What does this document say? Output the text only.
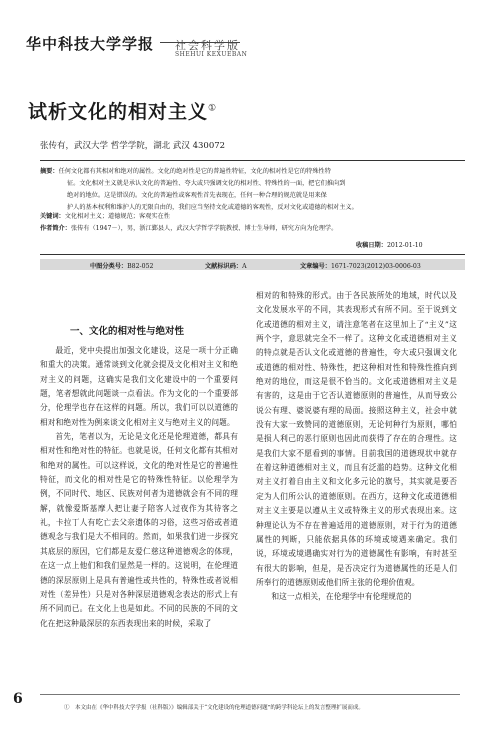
华中科技大学学报 社会科学版
SHEHUI KEXUEBAN
试析文化的相对主义①
张传有，武汉大学 哲学学院，湖北 武汉 430072
摘要：任何文化都有其相对和绝对的属性。文化的绝对性是它的普遍性特征，文化的相对性是它的特殊性特
征。文化相对主义就是承认文化的普遍性、夸大或只强调文化的相对性、特殊性的一面，把它们推向到
绝对的地位。这是错误的。文化的普遍性或客观性首先表现在，任何一种合理的规范就是用来保
护人的基本权利和维护人的无限自由的，我们应当坚持文化或道德的客观性，反对文化或道德的相对主义。
关键词：文化相对主义；道德规范；客观实在性
作者简介：张传有（1947－），男，浙江鄞县人，武汉大学哲学学院教授、博士生导师，研究方向为伦理学。
收稿日期：2012-01-10
中图分类号：B82-052	文献标识码：A	文章编号：1671-7023(2012)03-0006-03
一、文化的相对性与绝对性

最近，党中央提出加强文化建设，这是一项十分正确和重大的决策。通常谈到文化就会提及文化相对主义和绝对主义的问题，这确实是我们文化建设中的一个重要问题，笔者想就此问题谈一点看法。作为文化的一个重要部分，伦理学也存在这样的问题。所以，我们可以以道德的相对和绝对性为例来谈文化相对主义与绝对主义的问题。

首先，笔者以为，无论是文化还是伦理道德，都具有相对性和绝对性的特征。也就是说，任何文化都有其相对和绝对的属性。可以这样说，文化的绝对性是它的普遍性特征，而文化的相对性是它的特殊性特征。以伦理学为例，不同时代、地区、民族对何者为道德就会有不同的理解，就像爱斯基摩人把让妻子陪客人过夜作为其待客之礼，卡拉丁人有吃亡去父亲遗体的习俗，这些习俗或者道德观念与我们是大不相同的。然而，如果我们进一步探究其底层的原因，它们都是友爱仁慈这种道德观念的体现，在这一点上他们和我们显然是一样的。这说明，在伦理道德的深层原则上是具有普遍性或共性的，特殊性或者说相对性（差异性）只是对各种深层道德观念表达的形式上有所不同而已。在文化上也是如此。不同的民族的不同的文化在把这种最深层的东西表现出来的时候，采取了

相对的和特殊的形式。由于各民族所处的地域，时代以及文化发展水平的不同，其表现形式有所不同。至于说到文化或道德的相对主义，请注意笔者在这里加上了“主义”这两个字，意思就完全不一样了。这种文化或道德相对主义的特点就是否认文化或道德的普遍性，夸大或只强调文化或道德的相对性、特殊性，把这种相对性和特殊性推向到绝对的地位，而这是很不恰当的。文化或道德相对主义是有害的，这是由于它否认道德原则的普遍性，从而导致公说公有理、婆说婆有理的局面。接照这种主义，社会中就没有大家一致赞同的道德原则，无论何种行为原则，哪怕是损人利己的恶行原则也因此而获得了存在的合理性。这是我们大家不愿看到的事情。目前我国的道德现状中就存在着这种道德相对主义，而且有泛滥的趋势。这种文化相对主义打着自由主义和文化多元论的旗号，其实就是要否定为人们所公认的道德原则。在西方，这种文化或道德相对主义主要是以遵从主义或特殊主义的形式表现出来。这种理论认为不存在普遍适用的道德原则，对于行为的道德属性的判断，只能依据具体的环境或境遇来确定。我们说，环境或境遇确实对行为的道德属性有影响，有时甚至有很大的影响，但是，是否决定行为道德属性的还是人们所奉行的道德原则或他们所主张的伦理价值观。

和这一点相关，在伦理学中有伦理规范的

①　本文由在《华中科技大学学报（社科版）》编辑部关于“文化建设的伦理道德问题”的跨学科论坛上的发言整理扩展而成。
6
